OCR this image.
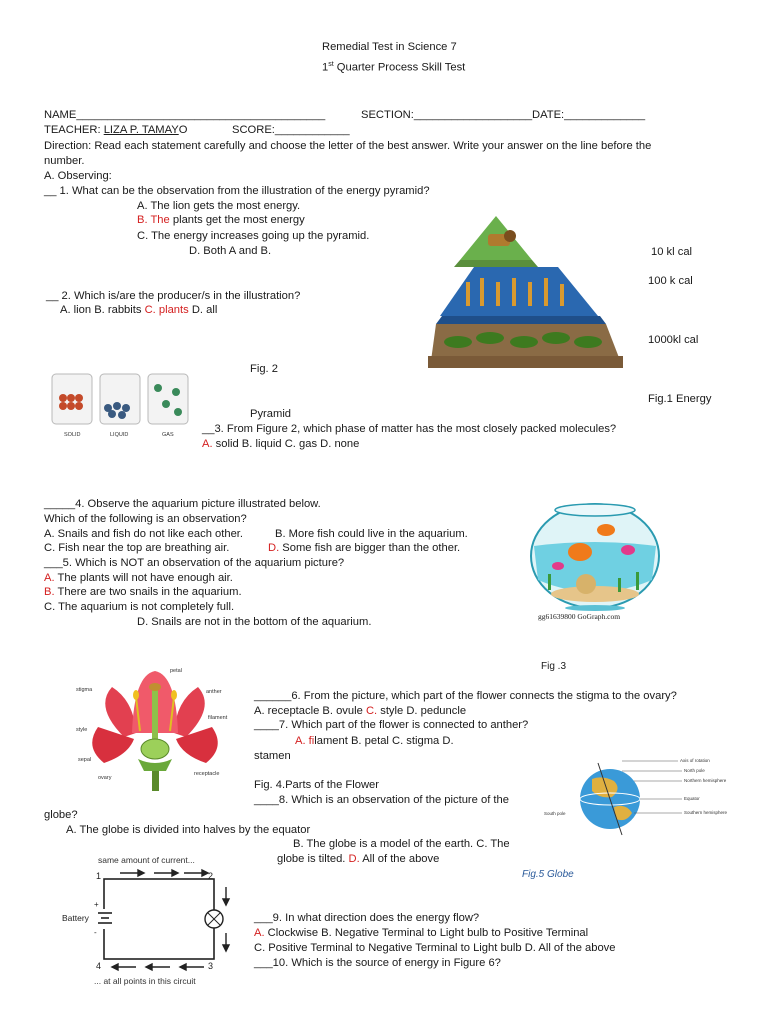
Remedial Test in Science 7
1st Quarter Process Skill Test
NAME________________________________________	SECTION:___________________DATE:_____________
TEACHER: LIZA P. TAMAYO	SCORE:____________
Direction: Read each statement carefully and choose the letter of the best answer. Write your answer on the line before the
number.
A. Observing:
__ 1. What can be the observation from the illustration of the energy pyramid?
A. The lion gets the most energy.
B. The plants get the most energy
C. The energy increases going up the pyramid.
D. Both A and B.	10 kl cal
100 k cal
1000kl cal
Fig.1 Energy
Pyramid
__ 2. Which is/are the producer/s in the illustration?
A. lion B. rabbits C. plants D. all
Fig. 2
SOLID	LIQUID	GAS	__3. From Figure 2, which phase of matter has the most closely packed molecules?
A. solid B. liquid C. gas D. none
_____4. Observe the aquarium picture illustrated below.
Which of the following is an observation?
A. Snails and fish do not like each other.	B. More fish could live in the aquarium.
C. Fish near the top are breathing air.	D. Some fish are bigger than the other.
___5. Which is NOT an observation of the aquarium picture?
A. The plants will not have enough air.
B. There are two snails in the aquarium.
C. The aquarium is not completely full.
D. Snails are not in the bottom of the aquarium.	gg61639800 GoGraph.com
Fig .3
petal
stigma	anther
filament
style
sepal
ovary
receptacle
______6. From the picture, which part of the flower connects the stigma to the ovary?
A. receptacle B. ovule C. style D. peduncle
____7. Which part of the flower is connected to anther?
A. filament B. petal C. stigma D.
stamen
Fig. 4.Parts of the Flower
____8. Which is an observation of the picture of the
globe?
A. The globe is divided into halves by the equator
B. The globe is a model of the earth. C. The
globe is tilted. D. All of the above
Axis of rotation
North pole
Northern hemisphere
Equator
Southern hemisphere
South pole
Fig.5 Globe
same amount of current...
1	2
3
4
+
-
Battery
... at all points in this circuit
___9. In what direction does the energy flow?
A. Clockwise B. Negative Terminal to Light bulb to Positive Terminal
C. Positive Terminal to Negative Terminal to Light bulb D. All of the above
___10. Which is the source of energy in Figure 6?
